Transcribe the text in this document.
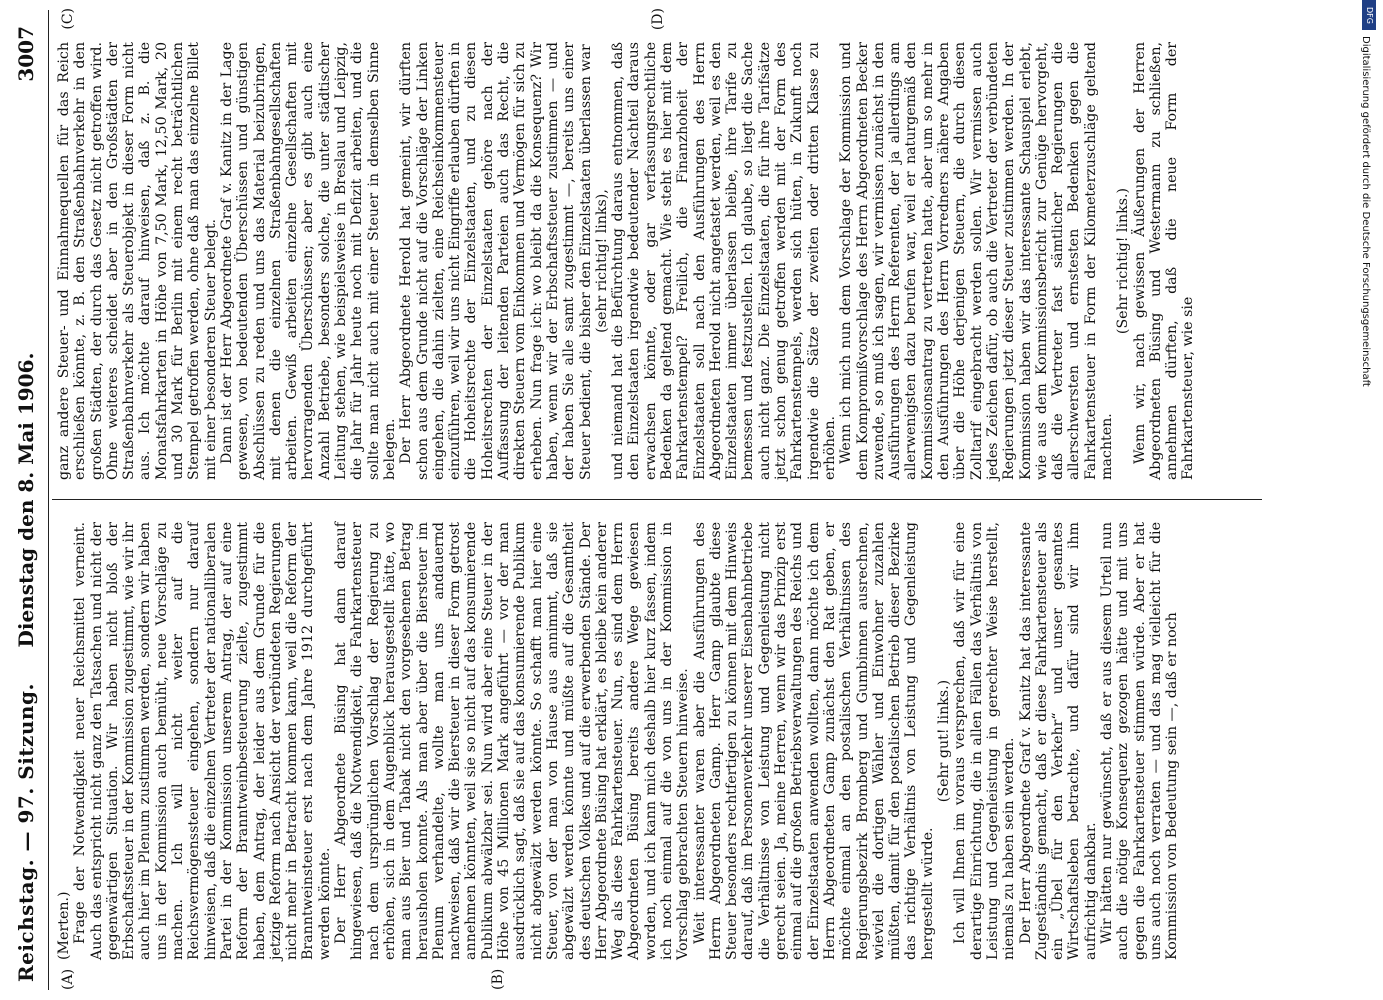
Reichstag. — 97. Sitzung.
Dienstag den 8. Mai 1906.
3007
(A)	(B)
(C)	(D)

(Merten.) Frage der Notwendigkeit neuer Reichsmittel verneint. Auch das entspricht nicht ganz den Tatsachen und nicht der gegenwärtigen Situation. Wir haben nicht bloß der Erbschaftssteuer in der Kommission zugestimmt, wie wir ihr auch hier im Plenum zustimmen werden, sondern wir haben uns in der Kommission auch bemüht, neue Vorschläge zu machen. Ich will nicht weiter auf die Reichsvermögenssteuer eingehen, sondern nur darauf hinweisen, daß die einzelnen Vertreter der nationalliberalen Partei in der Kommission unserem Antrag, der auf eine Reform der Branntweinbesteuerung zielte, zugestimmt haben, dem Antrag, der leider aus dem Grunde für die jetzige Reform nach Ansicht der verbündeten Regierungen nicht mehr in Betracht kommen kann, weil die Reform der Branntweinsteuer erst nach dem Jahre 1912 durchgeführt werden könnte. Der Herr Abgeordnete Büsing hat dann darauf hingewiesen, daß die Notwendigkeit, die Fahrkartensteuer nach dem ursprünglichen Vorschlag der Regierung zu erhöhen, sich in dem Augenblick herausgestellt hätte, wo man aus Bier und Tabak nicht den vorgesehenen Betrag herausholen konnte. Als man aber über die Biersteuer im Plenum verhandelte, wollte man uns andauernd nachweisen, daß wir die Biersteuer in dieser Form getrost annehmen könnten, weil sie so nicht auf das konsumierende Publikum abwälzbar sei. Nun wird aber eine Steuer in der Höhe von 45 Millionen Mark angeführt — vor der man ausdrücklich sagt, daß sie auf das konsumierende Publikum nicht abgewälzt werden könnte. So schafft man hier eine Steuer, von der man von Hause aus annimmt, daß sie abgewälzt werden könnte und müßte auf die Gesamtheit des deutschen Volkes und auf die erwerbenden Stände. Der Herr Abgeordnete Büsing hat erklärt, es bleibe kein anderer Weg als diese Fahrkartensteuer. Nun, es sind dem Herrn Abgeordneten Büsing bereits andere Wege gewiesen worden, und ich kann mich deshalb hier kurz fassen, indem ich noch einmal auf die von uns in der Kommission in Vorschlag gebrachten Steuern hinweise. Weit interessanter waren aber die Ausführungen des Herrn Abgeordneten Gamp. Herr Gamp glaubte diese Steuer besonders rechtfertigen zu können mit dem Hinweis darauf, daß im Personenverkehr unserer Eisenbahnbetriebe die Verhältnisse von Leistung und Gegenleistung nicht gerecht seien. Ja, meine Herren, wenn wir das Prinzip erst einmal auf die großen Betriebsverwaltungen des Reichs und der Einzelstaaten anwenden wollten, dann möchte ich dem Herrn Abgeordneten Gamp zunächst den Rat geben, er möchte einmal an den postalischen Verhältnissen des Regierungsbezirk Bromberg und Gumbinnen ausrechnen, wieviel die dortigen Wähler und Einwohner zuzahlen müßten, damit für den postalischen Betrieb dieser Bezirke das richtige Verhältnis von Leistung und Gegenleistung hergestellt würde.

(Sehr gut! links.) Ich will Ihnen im voraus versprechen, daß wir für eine derartige Einrichtung, die in allen Fällen das Verhältnis von Leistung und Gegenleistung in gerechter Weise herstellt, niemals zu haben sein werden. Der Herr Abgeordnete Graf v. Kanitz hat das interessante Zugeständnis gemacht, daß er diese Fahrkartensteuer als ein „Übel für den Verkehr“ und unser gesamtes Wirtschaftsleben betrachte, und dafür sind wir ihm aufrichtig dankbar. Wir hätten nur gewünscht, daß er aus diesem Urteil nun auch die nötige Konsequenz gezogen hätte und mit uns gegen die Fahrkartensteuer stimmen würde. Aber er hat uns auch noch verraten — und das mag vielleicht für die Kommission von Bedeutung sein —, daß er noch

ganz andere Steuer- und Einnahmequellen für das Reich erschließen könnte, z. B. den Straßenbahnverkehr in den großen Städten, der durch das Gesetz nicht getroffen wird. Ohne weiteres scheidet aber in den Großstädten der Straßenbahnverkehr als Steuerobjekt in dieser Form nicht aus. Ich möchte darauf hinweisen, daß z. B. die Monatsfahrkarten in Höhe von 7,50 Mark, 12,50 Mark, 20 und 30 Mark für Berlin mit einem recht beträchtlichen Stempel getroffen werden, ohne daß man das einzelne Billet mit einer besonderen Steuer belegt. Dann ist der Herr Abgeordnete Graf v. Kanitz in der Lage gewesen, von bedeutenden Überschüssen und günstigen Abschlüssen zu reden und uns das Material beizubringen, mit denen die einzelnen Straßenbahngesellschaften arbeiten. Gewiß arbeiten einzelne Gesellschaften mit hervorragenden Überschüssen; aber es gibt auch eine Anzahl Betriebe, besonders solche, die unter städtischer Leitung stehen, wie beispielsweise in Breslau und Leipzig, die Jahr für Jahr heute noch mit Defizit arbeiten, und die sollte man nicht auch mit einer Steuer in demselben Sinne belegen. Der Herr Abgeordnete Herold hat gemeint, wir dürften schon aus dem Grunde nicht auf die Vorschläge der Linken eingehen, die dahin zielten, eine Reichseinkommensteuer einzuführen, weil wir uns nicht Eingriffe erlauben dürften in die Hoheitsrechte der Einzelstaaten, und zu diesen Hoheitsrechten der Einzelstaaten gehöre nach der Auffassung der leitenden Parteien auch das Recht, die direkten Steuern vom Einkommen und Vermögen für sich zu erheben. Nun frage ich: wo bleibt da die Konsequenz? Wir haben, wenn wir der Erbschaftssteuer zustimmen — und der haben Sie alle samt zugestimmt —, bereits uns einer Steuer bedient, die bisher den Einzelstaaten überlassen war (sehr richtig! links), und niemand hat die Befürchtung daraus entnommen, daß den Einzelstaaten irgendwie bedeutender Nachteil daraus erwachsen könnte, oder gar verfassungsrechtliche Bedenken da geltend gemacht. Wie steht es hier mit dem Fahrkartenstempel? Freilich, die Finanzhoheit der Einzelstaaten soll nach den Ausführungen des Herrn Abgeordneten Herold nicht angetastet werden, weil es den Einzelstaaten immer überlassen bleibe, ihre Tarife zu bemessen und festzustellen. Ich glaube, so liegt die Sache auch nicht ganz. Die Einzelstaaten, die für ihre Tarifsätze jetzt schon genug getroffen werden mit der Form des Fahrkartenstempels, werden sich hüten, in Zukunft noch irgendwie die Sätze der zweiten oder dritten Klasse zu erhöhen. Wenn ich mich nun dem Vorschlage der Kommission und dem Kompromißvorschlage des Herrn Abgeordneten Becker zuwende, so muß ich sagen, wir vermissen zunächst in den Ausführungen des Herrn Referenten, der ja allerdings am allerwenigsten dazu berufen war, weil er naturgemäß den Kommissionsantrag zu vertreten hatte, aber um so mehr in den Ausführungen des Herrn Vorredners nähere Angaben über die Höhe derjenigen Steuern, die durch diesen Zolltarif eingebracht werden sollen. Wir vermissen auch jedes Zeichen dafür, ob auch die Vertreter der verbündeten Regierungen jetzt dieser Steuer zustimmen werden. In der Kommission haben wir das interessante Schauspiel erlebt, wie aus dem Kommissionsbericht zur Genüge hervorgeht, daß die Vertreter fast sämtlicher Regierungen die allerschwersten und ernstesten Bedenken gegen die Fahrkartensteuer in Form der Kilometerzuschläge geltend machten.

(Sehr richtig! links.) Wenn wir, nach gewissen Äußerungen der Herren Abgeordneten Büsing und Westermann zu schließen, annehmen dürften, daß die neue Form der Fahrkartensteuer, wie sie

DFG
Digitalisierung gefördert durch die Deutsche Forschungsgemeinschaft
